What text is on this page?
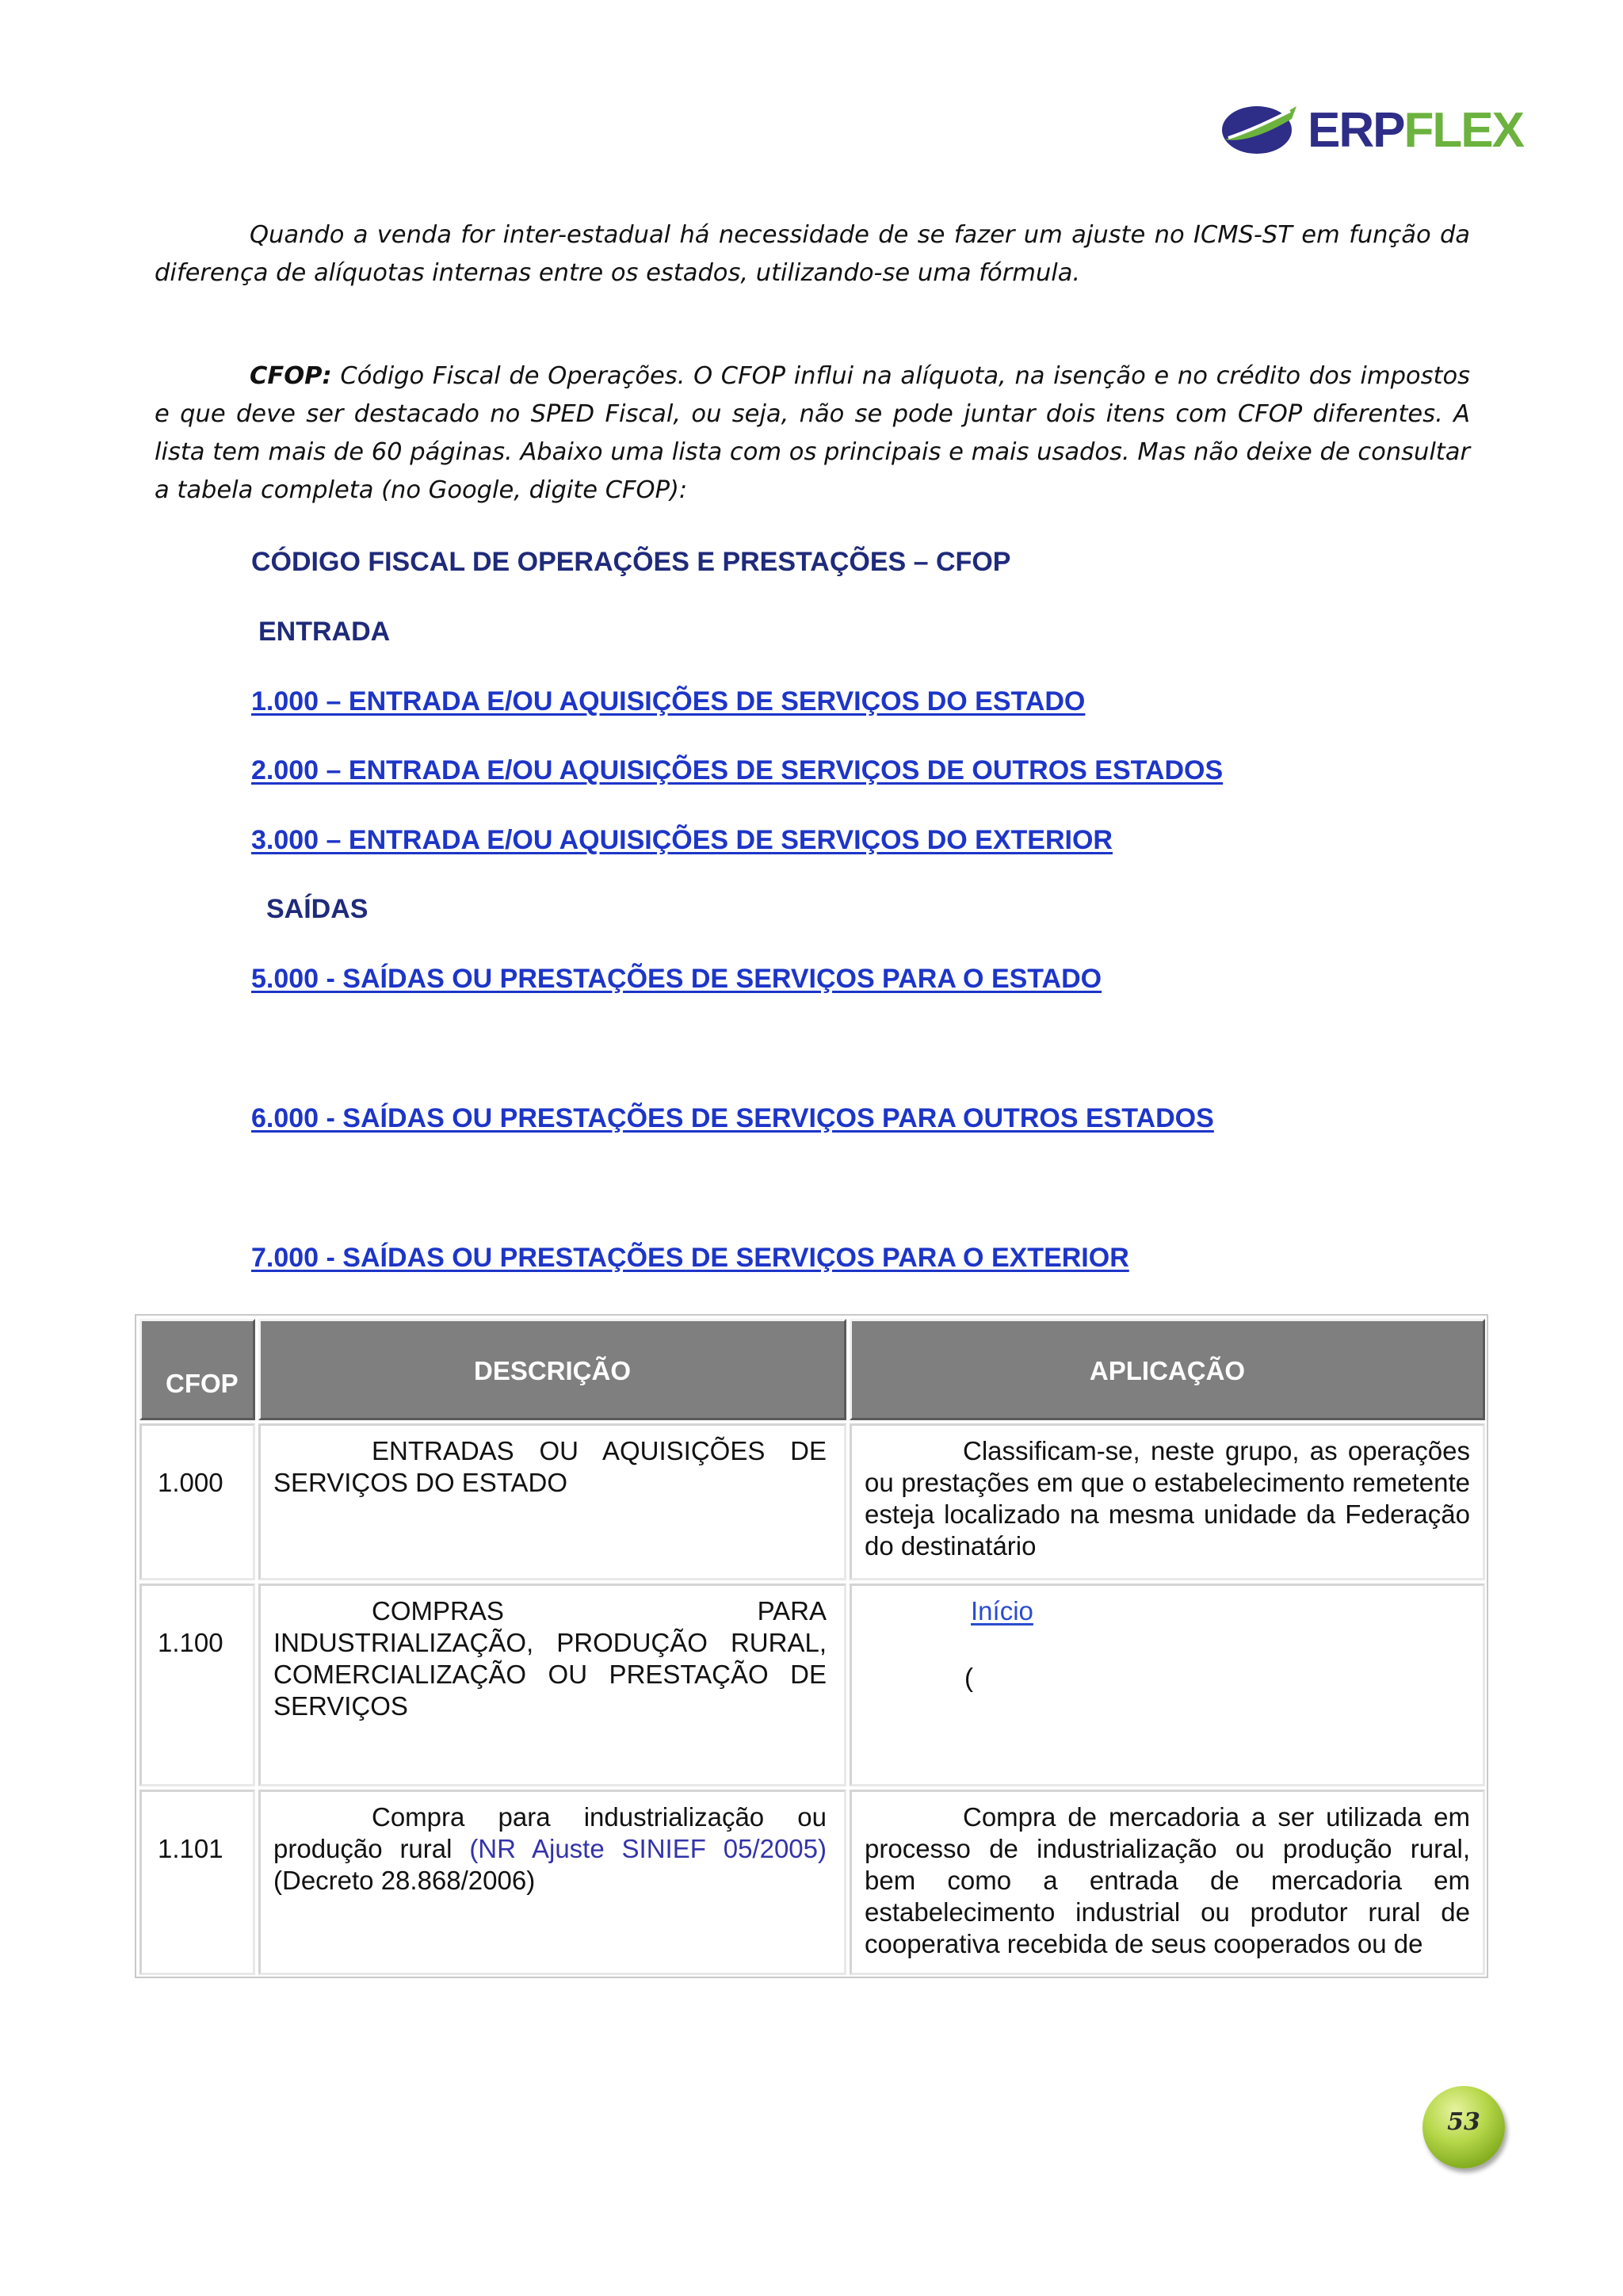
ERPFLEX
Quando a venda for inter-estadual há necessidade de se fazer um ajuste no ICMS-ST em função da diferença de alíquotas internas entre os estados, utilizando-se uma fórmula.
CFOP: Código Fiscal de Operações. O CFOP influi na alíquota, na isenção e no crédito dos impostos e que deve ser destacado no SPED Fiscal, ou seja, não se pode juntar dois itens com CFOP diferentes. A lista tem mais de 60 páginas. Abaixo uma lista com os principais e mais usados. Mas não deixe de consultar a tabela completa (no Google, digite CFOP):
CÓDIGO FISCAL DE OPERAÇÕES E PRESTAÇÕES – CFOP
ENTRADA
1.000 – ENTRADA E/OU AQUISIÇÕES DE SERVIÇOS DO ESTADO
2.000 – ENTRADA E/OU AQUISIÇÕES DE SERVIÇOS DE OUTROS ESTADOS
3.000 – ENTRADA E/OU AQUISIÇÕES DE SERVIÇOS DO EXTERIOR
SAÍDAS
5.000 - SAÍDAS OU PRESTAÇÕES DE SERVIÇOS PARA O ESTADO
6.000 - SAÍDAS OU PRESTAÇÕES DE SERVIÇOS PARA OUTROS ESTADOS
7.000 - SAÍDAS OU PRESTAÇÕES DE SERVIÇOS PARA O EXTERIOR
CFOP	DESCRIÇÃO	APLICAÇÃO
1.000
ENTRADAS OU AQUISIÇÕES DE SERVIÇOS DO ESTADO
Classificam-se, neste grupo, as operações ou prestações em que o estabelecimento remetente esteja localizado na mesma unidade da Federação do destinatário
1.100
COMPRAS PARA INDUSTRIALIZAÇÃO, PRODUÇÃO RURAL, COMERCIALIZAÇÃO OU PRESTAÇÃO DE SERVIÇOS
Início
(
1.101
Compra para industrialização ou produção rural (NR Ajuste SINIEF 05/2005) (Decreto 28.868/2006)
Compra de mercadoria a ser utilizada em processo de industrialização ou produção rural, bem como a entrada de mercadoria em estabelecimento industrial ou produtor rural de cooperativa recebida de seus cooperados ou de
53
